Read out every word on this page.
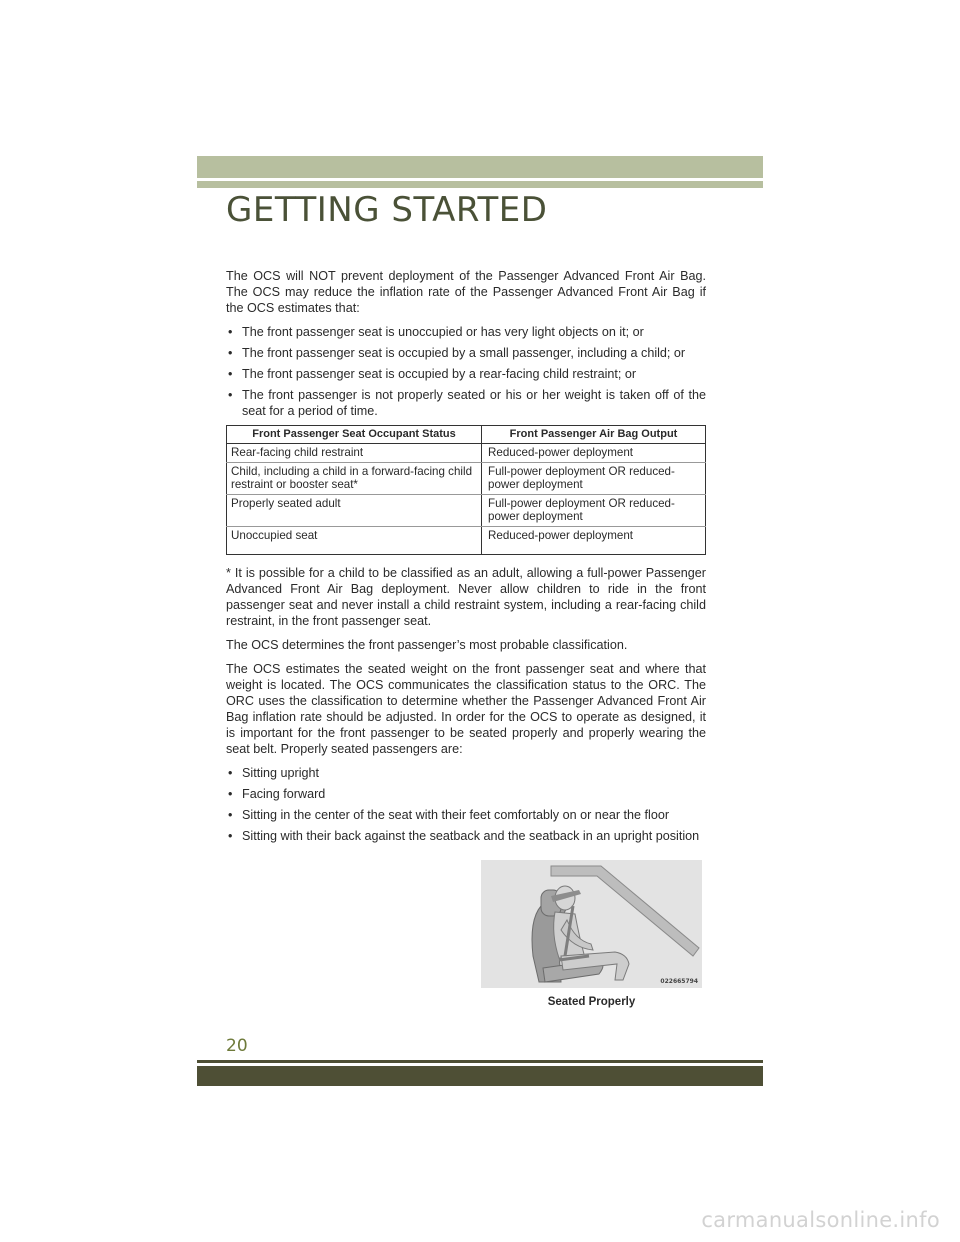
GETTING STARTED

The OCS will NOT prevent deployment of the Passenger Advanced Front Air Bag. The OCS may reduce the inflation rate of the Passenger Advanced Front Air Bag if the OCS estimates that:

• The front passenger seat is unoccupied or has very light objects on it; or
• The front passenger seat is occupied by a small passenger, including a child; or
• The front passenger seat is occupied by a rear-facing child restraint; or
• The front passenger is not properly seated or his or her weight is taken off of the seat for a period of time.
Front Passenger Seat Occupant Status	Front Passenger Air Bag Output
Rear-facing child restraint	Reduced-power deployment
Child, including a child in a forward-facing child restraint or booster seat*	Full-power deployment OR reduced-power deployment
Properly seated adult	Full-power deployment OR reduced-power deployment
Unoccupied seat	Reduced-power deployment

* It is possible for a child to be classified as an adult, allowing a full-power Passenger Advanced Front Air Bag deployment. Never allow children to ride in the front passenger seat and never install a child restraint system, including a rear-facing child restraint, in the front passenger seat.

The OCS determines the front passenger’s most probable classification.

The OCS estimates the seated weight on the front passenger seat and where that weight is located. The OCS communicates the classification status to the ORC. The ORC uses the classification to determine whether the Passenger Advanced Front Air Bag inflation rate should be adjusted. In order for the OCS to operate as designed, it is important for the front passenger to be seated properly and properly wearing the seat belt. Properly seated passengers are:

• Sitting upright
• Facing forward
• Sitting in the center of the seat with their feet comfortably on or near the floor
• Sitting with their back against the seatback and the seatback in an upright position
022665794
Seated Properly
20
carmanualsonline.info
